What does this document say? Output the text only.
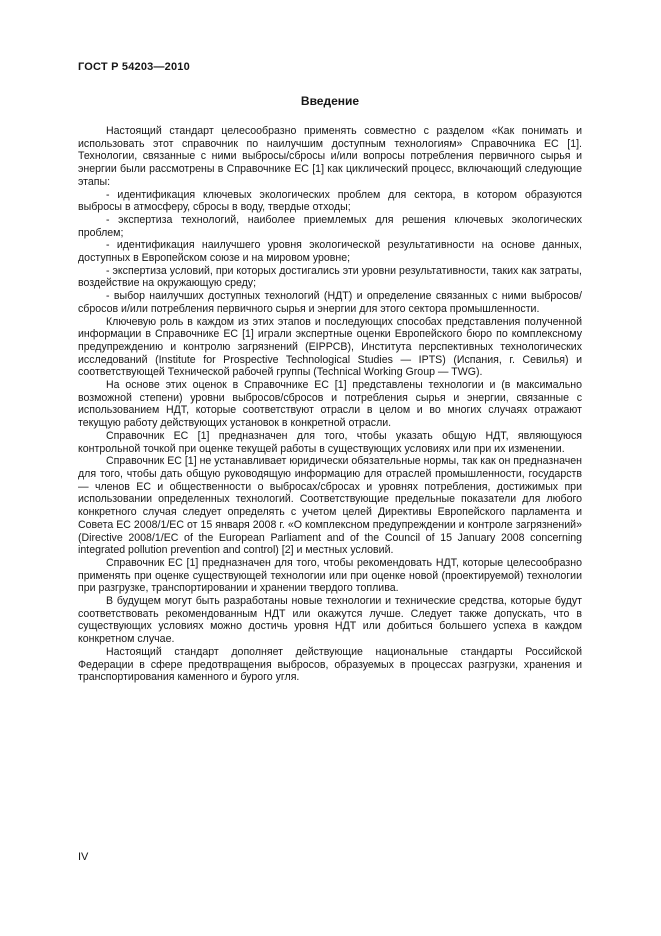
ГОСТ Р 54203—2010
Введение

Настоящий стандарт целесообразно применять совместно с разделом «Как понимать и использовать этот справочник по наилучшим доступным технологиям» Справочника ЕС [1]. Технологии, связанные с ними выбросы/сбросы и/или вопросы потребления первичного сырья и энергии были рассмотрены в Справочнике ЕС [1] как циклический процесс, включающий следующие этапы:

- идентификация ключевых экологических проблем для сектора, в котором образуются выбросы в атмосферу, сбросы в воду, твердые отходы;

- экспертиза технологий, наиболее приемлемых для решения ключевых экологических проблем;

- идентификация наилучшего уровня экологической результативности на основе данных, доступных в Европейском союзе и на мировом уровне;

- экспертиза условий, при которых достигались эти уровни результативности, таких как затраты, воздействие на окружающую среду;

- выбор наилучших доступных технологий (НДТ) и определение связанных с ними выбросов/сбросов и/или потребления первичного сырья и энергии для этого сектора промышленности.

Ключевую роль в каждом из этих этапов и последующих способах представления полученной информации в Справочнике ЕС [1] играли экспертные оценки Европейского бюро по комплексному предупреждению и контролю загрязнений (EIPPCB), Института перспективных технологических исследований (Institute for Prospective Technological Studies — IPTS) (Испания, г. Севилья) и соответствующей Технической рабочей группы (Technical Working Group — TWG).

На основе этих оценок в Справочнике ЕС [1] представлены технологии и (в максимально возможной степени) уровни выбросов/сбросов и потребления сырья и энергии, связанные с использованием НДТ, которые соответствуют отрасли в целом и во многих случаях отражают текущую работу действующих установок в конкретной отрасли.

Справочник ЕС [1] предназначен для того, чтобы указать общую НДТ, являющуюся контрольной точкой при оценке текущей работы в существующих условиях или при их изменении.

Справочник ЕС [1] не устанавливает юридически обязательные нормы, так как он предназначен для того, чтобы дать общую руководящую информацию для отраслей промышленности, государств — членов ЕС и общественности о выбросах/сбросах и уровнях потребления, достижимых при использовании определенных технологий. Соответствующие предельные показатели для любого конкретного случая следует определять с учетом целей Директивы Европейского парламента и Совета ЕС 2008/1/ЕС от 15 января 2008 г. «О комплексном предупреждении и контроле загрязнений» (Directive 2008/1/EC of the European Parliament and of the Council of 15 January 2008 concerning integrated pollution prevention and control) [2] и местных условий.

Справочник ЕС [1] предназначен для того, чтобы рекомендовать НДТ, которые целесообразно применять при оценке существующей технологии или при оценке новой (проектируемой) технологии при разгрузке, транспортировании и хранении твердого топлива.

В будущем могут быть разработаны новые технологии и технические средства, которые будут соответствовать рекомендованным НДТ или окажутся лучше. Следует также допускать, что в существующих условиях можно достичь уровня НДТ или добиться большего успеха в каждом конкретном случае.

Настоящий стандарт дополняет действующие национальные стандарты Российской Федерации в сфере предотвращения выбросов, образуемых в процессах разгрузки, хранения и транспортирования каменного и бурого угля.

IV
